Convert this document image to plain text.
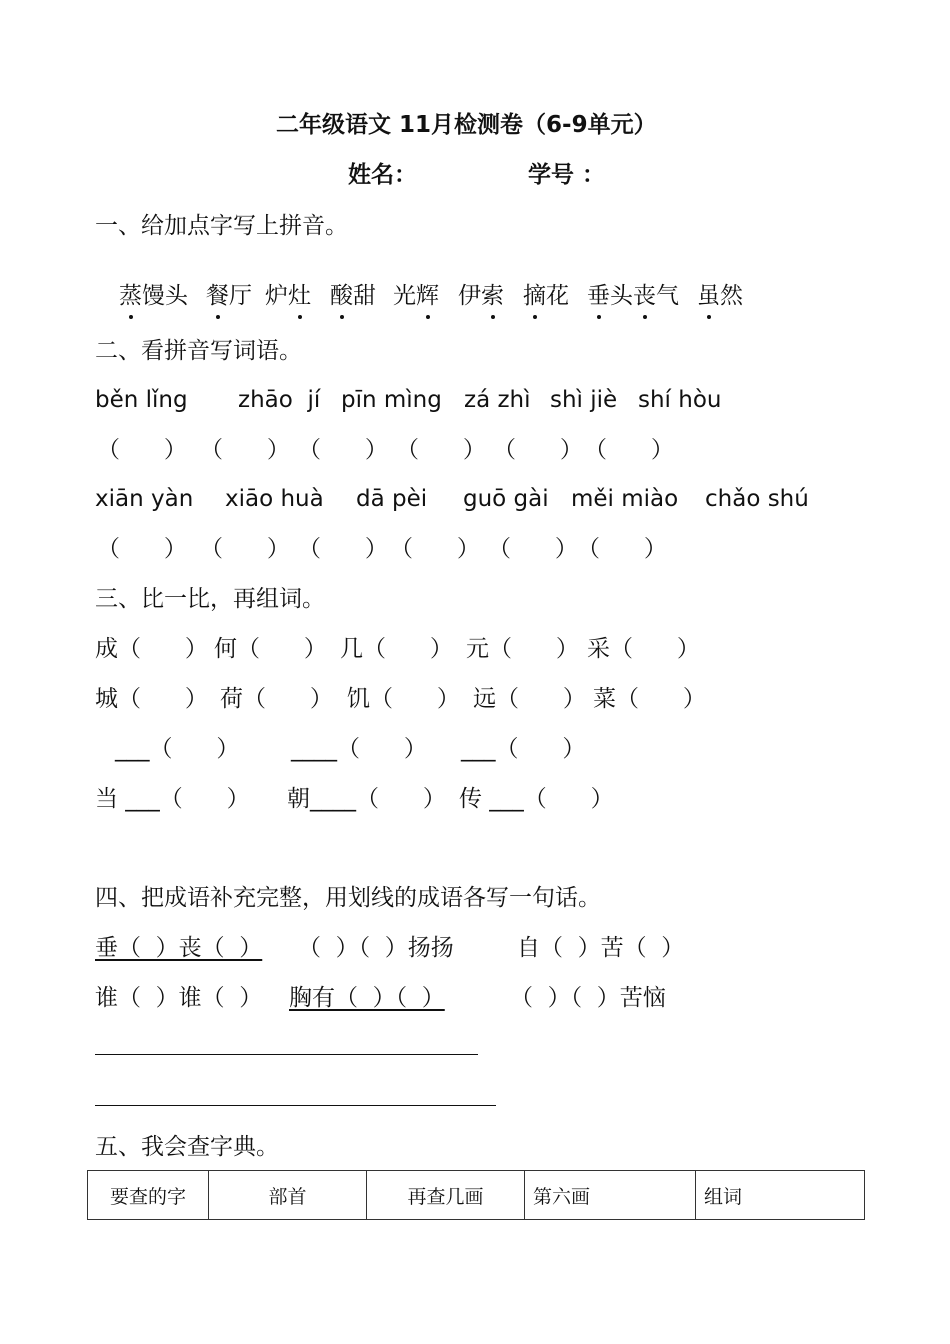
二年级语文 11月检测卷（6-9单元）
姓名：	学号 ：
一、给加点字写上拼音。
蒸馒头 餐厅 炉灶 酸甜 光辉 伊索 摘花 垂头丧气 虽然
二、看拼音写词语。
běn lǐng zhāo  jí pīn mìng zá zhì shì jiè shí hòu
（      ） （      ） （      ） （      ） （      ） （      ）
xiān yàn xiāo huà dā pèi guō gài měi miào chǎo shú
（      ） （      ） （      ） （      ） （      ） （      ）
三、比一比，再组词。
成（      ） 何（      ） 几（      ） 元（      ） 采（      ）
城（      ） 荷（      ） 饥（      ） 远（      ） 菜（      ）
___（      ） ____（      ） ___（      ）
当 ___（      ） 朝____（      ） 传 ___（      ）
四、把成语补充完整，用划线的成语各写一句话。
垂（  ）丧（  ） （  ）（  ）扬扬	自（  ）苦（  ）
谁（  ）谁（  ） 胸有（  ）（  ）	（  ）（  ）苦恼
五、我会查字典。
要查的字	部首	再查几画	第六画	组词
